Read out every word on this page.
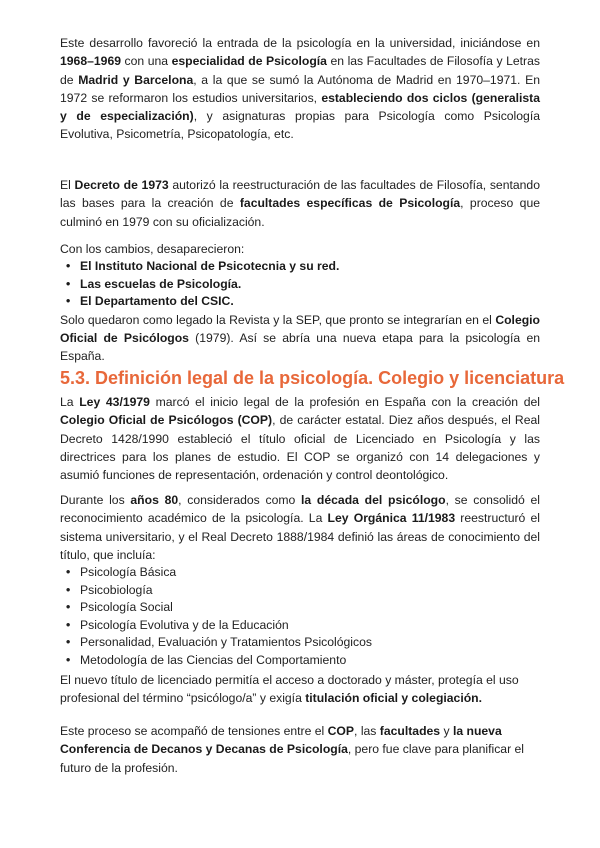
Este desarrollo favoreció la entrada de la psicología en la universidad, iniciándose en 1968–1969 con una especialidad de Psicología en las Facultades de Filosofía y Letras de Madrid y Barcelona, a la que se sumó la Autónoma de Madrid en 1970–1971. En 1972 se reformaron los estudios universitarios, estableciendo dos ciclos (generalista y de especialización), y asignaturas propias para Psicología como Psicología Evolutiva, Psicometría, Psicopatología, etc.

El Decreto de 1973 autorizó la reestructuración de las facultades de Filosofía, sentando las bases para la creación de facultades específicas de Psicología, proceso que culminó en 1979 con su oficialización.

Con los cambios, desaparecieron:

• El Instituto Nacional de Psicotecnia y su red.
• Las escuelas de Psicología.
• El Departamento del CSIC.

Solo quedaron como legado la Revista y la SEP, que pronto se integrarían en el Colegio Oficial de Psicólogos (1979). Así se abría una nueva etapa para la psicología en España.

5.3. Definición legal de la psicología. Colegio y licenciatura

La Ley 43/1979 marcó el inicio legal de la profesión en España con la creación del Colegio Oficial de Psicólogos (COP), de carácter estatal. Diez años después, el Real Decreto 1428/1990 estableció el título oficial de Licenciado en Psicología y las directrices para los planes de estudio. El COP se organizó con 14 delegaciones y asumió funciones de representación, ordenación y control deontológico.

Durante los años 80, considerados como la década del psicólogo, se consolidó el reconocimiento académico de la psicología. La Ley Orgánica 11/1983 reestructuró el sistema universitario, y el Real Decreto 1888/1984 definió las áreas de conocimiento del título, que incluía:

• Psicología Básica
• Psicobiología
• Psicología Social
• Psicología Evolutiva y de la Educación
• Personalidad, Evaluación y Tratamientos Psicológicos
• Metodología de las Ciencias del Comportamiento

El nuevo título de licenciado permitía el acceso a doctorado y máster, protegía el uso profesional del término “psicólogo/a” y exigía titulación oficial y colegiación.

Este proceso se acompañó de tensiones entre el COP, las facultades y la nueva Conferencia de Decanos y Decanas de Psicología, pero fue clave para planificar el futuro de la profesión.
